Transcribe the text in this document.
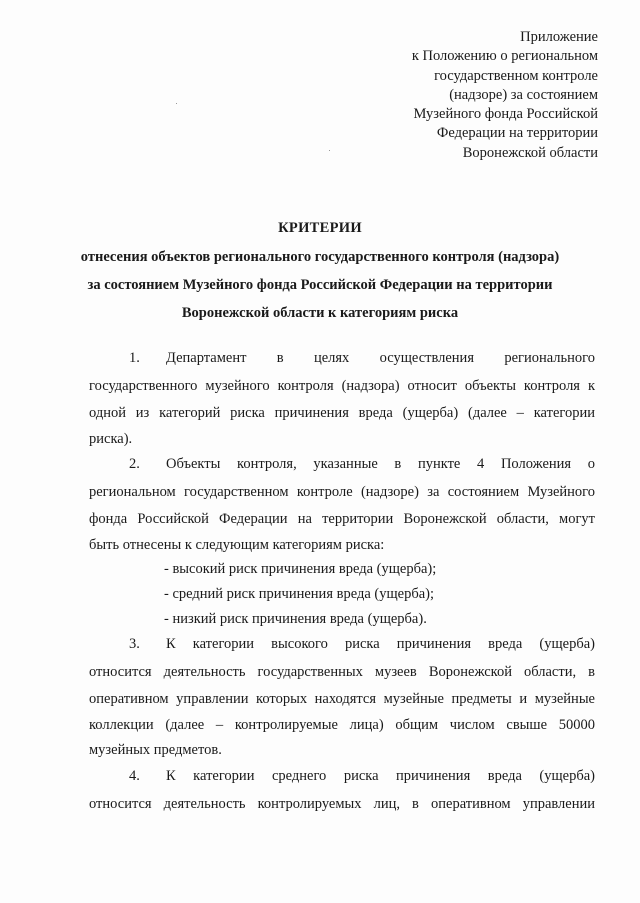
Приложение
к Положению о региональном
государственном контроле
(надзоре) за состоянием
Музейного фонда Российской
Федерации на территории
Воронежской области
КРИТЕРИИ
отнесения объектов регионального государственного контроля (надзора)
за состоянием Музейного фонда Российской Федерации на территории
Воронежской области к категориям риска
1. Департамент в целях осуществления регионального
государственного музейного контроля (надзора) относит объекты контроля к
одной из категорий риска причинения вреда (ущерба) (далее – категории
риска).
2. Объекты контроля, указанные в пункте 4 Положения о
региональном государственном контроле (надзоре) за состоянием Музейного
фонда Российской Федерации на территории Воронежской области, могут
быть отнесены к следующим категориям риска:
- высокий риск причинения вреда (ущерба);
- средний риск причинения вреда (ущерба);
- низкий риск причинения вреда (ущерба).
3. К категории высокого риска причинения вреда (ущерба)
относится деятельность государственных музеев Воронежской области, в
оперативном управлении которых находятся музейные предметы и музейные
коллекции (далее – контролируемые лица) общим числом свыше 50000
музейных предметов.
4. К категории среднего риска причинения вреда (ущерба)
относится деятельность контролируемых лиц, в оперативном управлении
